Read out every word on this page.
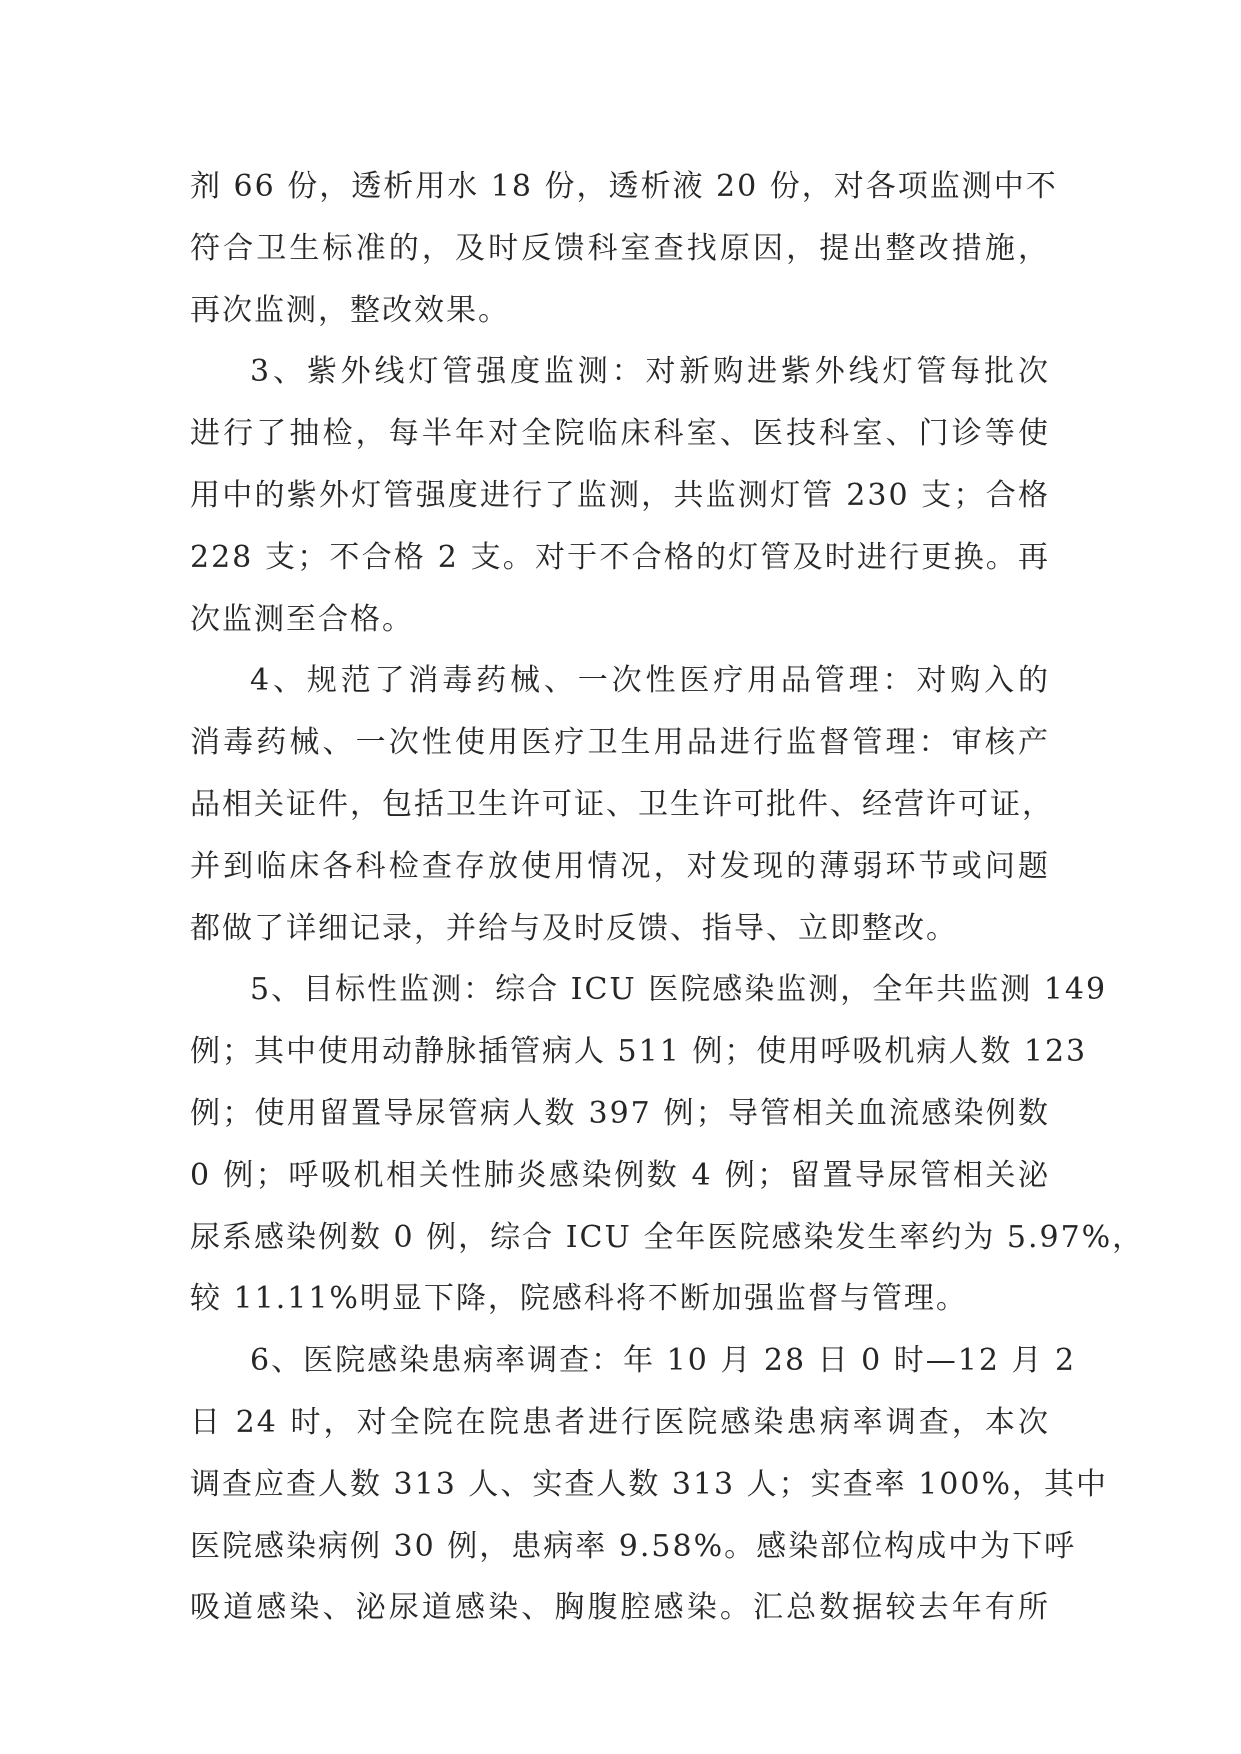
剂 66 份，透析用水 18 份，透析液 20 份，对各项监测中不
符合卫生标准的，及时反馈科室查找原因，提出整改措施，
再次监测，整改效果。
3、紫外线灯管强度监测：对新购进紫外线灯管每批次
进行了抽检，每半年对全院临床科室、医技科室、门诊等使
用中的紫外灯管强度进行了监测，共监测灯管 230 支；合格
228 支；不合格 2 支。对于不合格的灯管及时进行更换。再
次监测至合格。
4、规范了消毒药械、一次性医疗用品管理：对购入的
消毒药械、一次性使用医疗卫生用品进行监督管理：审核产
品相关证件，包括卫生许可证、卫生许可批件、经营许可证，
并到临床各科检查存放使用情况，对发现的薄弱环节或问题
都做了详细记录，并给与及时反馈、指导、立即整改。
5、目标性监测：综合 ICU 医院感染监测，全年共监测 149
例；其中使用动静脉插管病人 511 例；使用呼吸机病人数 123
例；使用留置导尿管病人数 397 例；导管相关血流感染例数
0 例；呼吸机相关性肺炎感染例数 4 例；留置导尿管相关泌
尿系感染例数 0 例，综合 ICU 全年医院感染发生率约为 5.97%，
较 11.11%明显下降，院感科将不断加强监督与管理。
6、医院感染患病率调查：年 10 月 28 日 0 时—12 月 2
日 24 时，对全院在院患者进行医院感染患病率调查，本次
调查应查人数 313 人、实查人数 313 人；实查率 100%，其中
医院感染病例 30 例，患病率 9.58%。感染部位构成中为下呼
吸道感染、泌尿道感染、胸腹腔感染。汇总数据较去年有所
